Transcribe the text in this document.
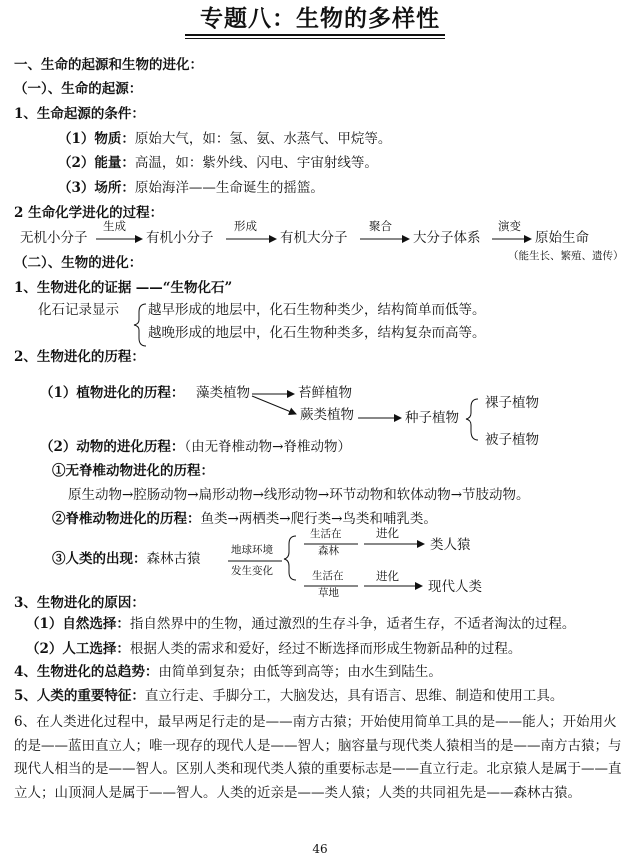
专题八：生物的多样性
一、生命的起源和生物的进化：
（一）、生命的起源：
1、生命起源的条件：
（1）物质：原始大气，如：氢、氨、水蒸气、甲烷等。
（2）能量：高温，如：紫外线、闪电、宇宙射线等。
（3）场所：原始海洋——生命诞生的摇篮。
2 生命化学进化的过程：
无机小分子
生成
有机小分子
形成
有机大分子
聚合
大分子体系
演变
原始生命
（能生长、繁殖、遗传）
（二）、生物的进化：
1、生物进化的证据 ——“生物化石”
化石记录显示 越早形成的地层中，化石生物种类少，结构简单而低等。
越晚形成的地层中，化石生物种类多，结构复杂而高等。
2、生物进化的历程：
（1）植物进化的历程： 藻类植物	苔鲜植物
蕨类植物	种子植物
裸子植物
被子植物
（2）动物的进化历程：（由无脊椎动物→脊椎动物）
①无脊椎动物进化的历程：
原生动物→腔肠动物→扁形动物→线形动物→环节动物和软体动物→节肢动物。
②脊椎动物进化的历程：鱼类→两栖类→爬行类→鸟类和哺乳类。
③人类的出现：森林古猿
地球环境
发生变化
生活在
森林
生活在
草地
进化
进化
类人猿
现代人类
3、生物进化的原因：
（1）自然选择：指自然界中的生物，通过激烈的生存斗争，适者生存，不适者淘汰的过程。
（2）人工选择：根据人类的需求和爱好，经过不断选择而形成生物新品种的过程。
4、生物进化的总趋势：由简单到复杂；由低等到高等；由水生到陆生。
5、人类的重要特征：直立行走、手脚分工，大脑发达，具有语言、思维、制造和使用工具。
6、在人类进化过程中，最早两足行走的是——南方古猿；开始使用简单工具的是——能人；开始用火的是——蓝田直立人；唯一现存的现代人是——智人；脑容量与现代类人猿相当的是——南方古猿；与现代人相当的是——智人。区别人类和现代类人猿的重要标志是——直立行走。北京猿人是属于——直立人；山顶洞人是属于——智人。人类的近亲是——类人猿；人类的共同祖先是——森林古猿。
46
